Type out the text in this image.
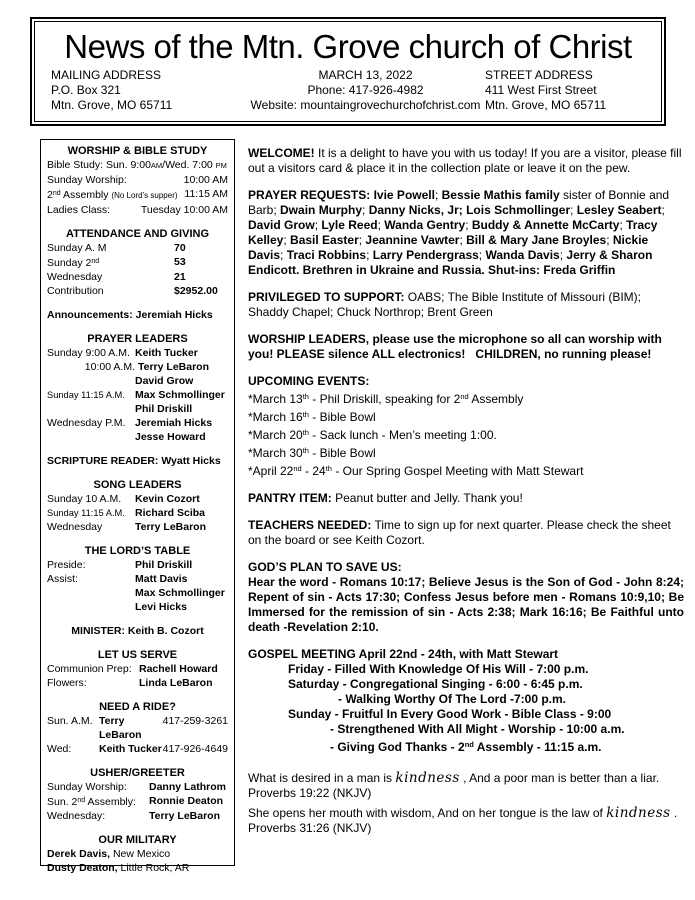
News of the Mtn. Grove church of Christ
MAILING ADDRESS
P.O. Box 321
Mtn. Grove, MO 65711
MARCH 13, 2022
Phone: 417-926-4982
Website: mountaingrovechurchofchrist.com
STREET ADDRESS
411 West First Street
Mtn. Grove, MO 65711
WORSHIP & BIBLE STUDY
Bible Study: Sun. 9:00AM/Wed. 7:00 PM
Sunday Worship:	10:00 AM
2nd Assembly (No Lord’s supper) 11:15 AM
Ladies Class:	Tuesday 10:00 AM
ATTENDANCE AND GIVING
Sunday A. M	70
Sunday 2nd	53
Wednesday	21
Contribution	$2952.00
Announcements: Jeremiah Hicks
PRAYER LEADERS
Sunday 9:00 A.M. Keith Tucker
10:00 A.M. Terry LeBaron
David Grow
Sunday 11:15 A.M. Max Schmollinger
Phil Driskill
Wednesday P.M. Jeremiah Hicks
Jesse Howard
SCRIPTURE READER: Wyatt Hicks
SONG LEADERS
Sunday 10 A.M.	Kevin Cozort
Sunday 11:15 A.M. Richard Sciba
Wednesday	Terry LeBaron
THE LORD’S TABLE
Preside:	Phil Driskill
Assist:	Matt Davis
Max Schmollinger
Levi Hicks
MINISTER: Keith B. Cozort
LET US SERVE
Communion Prep: Rachell Howard
Flowers:	Linda LeBaron
NEED A RIDE?
Sun. A.M. Terry LeBaron
417-259-3261
Wed:	Keith Tucker 417-926-4649
USHER/GREETER
Sunday Worship:	Danny Lathrom
Sun. 2nd Assembly:	Ronnie Deaton
Wednesday:	Terry LeBaron
OUR MILITARY
Derek Davis, New Mexico
Dusty Deaton, Little Rock, AR
WELCOME! It is a delight to have you with us today! If you are a visitor, please fill out a visitors card & place it in the collection plate or leave it on the pew.
PRAYER REQUESTS: Ivie Powell; Bessie Mathis family sister of Bonnie and Barb; Dwain Murphy; Danny Nicks, Jr; Lois Schmollinger; Lesley Seabert; David Grow; Lyle Reed; Wanda Gentry; Buddy & Annette McCarty; Tracy Kelley; Basil Easter; Jeannine Vawter; Bill & Mary Jane Broyles; Nickie Davis; Traci Robbins; Larry Pendergrass; Wanda Davis; Jerry & Sharon Endicott. Brethren in Ukraine and Russia. Shut-ins: Freda Griffin
PRIVILEGED TO SUPPORT: OABS; The Bible Institute of Missouri (BIM); Shaddy Chapel; Chuck Northrop; Brent Green
WORSHIP LEADERS, please use the microphone so all can worship with you! PLEASE silence ALL electronics!   CHILDREN, no running please!
UPCOMING EVENTS:
*March 13th - Phil Driskill, speaking for 2nd Assembly
*March 16th - Bible Bowl
*March 20th - Sack lunch - Men’s meeting 1:00.
*March 30th - Bible Bowl
*April 22nd - 24th - Our Spring Gospel Meeting with Matt Stewart
PANTRY ITEM: Peanut butter and Jelly. Thank you!
TEACHERS NEEDED: Time to sign up for next quarter. Please check the sheet on the board or see Keith Cozort.
GOD’S PLAN TO SAVE US:
Hear the word - Romans 10:17; Believe Jesus is the Son of God - John 8:24; Repent of sin - Acts 17:30; Confess Jesus before men - Romans 10:9,10; Be Immersed for the remission of sin - Acts 2:38; Mark 16:16; Be Faithful unto death -Revelation 2:10.
GOSPEL MEETING April 22nd - 24th, with Matt Stewart
Friday - Filled With Knowledge Of His Will - 7:00 p.m.
Saturday - Congregational Singing - 6:00 - 6:45 p.m.
- Walking Worthy Of The Lord -7:00 p.m.
Sunday - Fruitful In Every Good Work - Bible Class - 9:00
- Strengthened With All Might - Worship - 10:00 a.m.
- Giving God Thanks - 2nd Assembly - 11:15 a.m.
What is desired in a man is kindness , And a poor man is better than a liar.
Proverbs 19:22 (NKJV)
She opens her mouth with wisdom, And on her tongue is the law of kindness .
Proverbs 31:26 (NKJV)
